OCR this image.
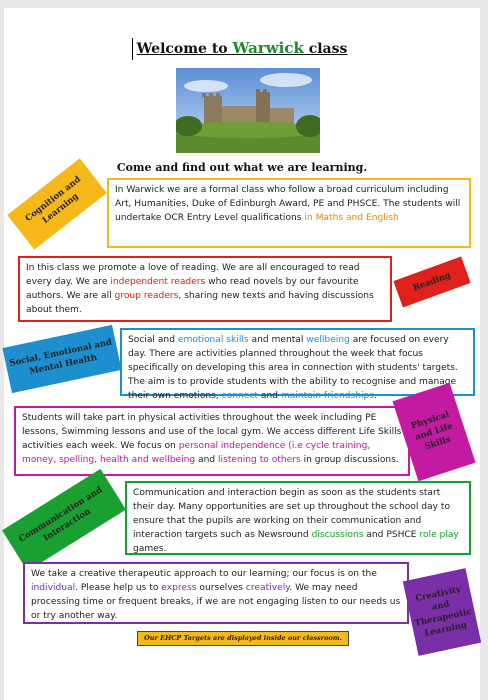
Welcome to Warwick class
Come and find out what we are learning.
Cognition and Learning
In Warwick we are a formal class who follow a broad curriculum including Art, Humanities, Duke of Edinburgh Award, PE and PHSCE. The students will undertake OCR Entry Level qualifications in Maths and English
In this class we promote a love of reading. We are all encouraged to read every day. We are independent readers who read novels by our favourite authors. We are all group readers, sharing new texts and having discussions about them.
Reading
Social, Emotional and Mental Health
Social and emotional skills and mental wellbeing are focused on every day. There are activities planned throughout the week that focus specifically on developing this area in connection with students' targets. The aim is to provide students with the ability to recognise and manage their own emotions, connect and maintain friendships.
Students will take part in physical activities throughout the week including PE lessons, Swimming lessons and use of the local gym. We access different Life Skills activities each week. We focus on personal independence (i.e cycle training, money, spelling, health and wellbeing and listening to others in group discussions.
Physical and Life Skills
Communication and Interaction
Communication and interaction begin as soon as the students start their day. Many opportunities are set up throughout the school day to ensure that the pupils are working on their communication and interaction targets such as Newsround discussions and PSHCE role play games.
We take a creative therapeutic approach to our learning; our focus is on the individual. Please help us to express ourselves creatively. We may need processing time or frequent breaks, if we are not engaging listen to our needs us or try another way.
Creativity and Therapeutic Learning
Our EHCP Targets are displayed inside our classroom.
